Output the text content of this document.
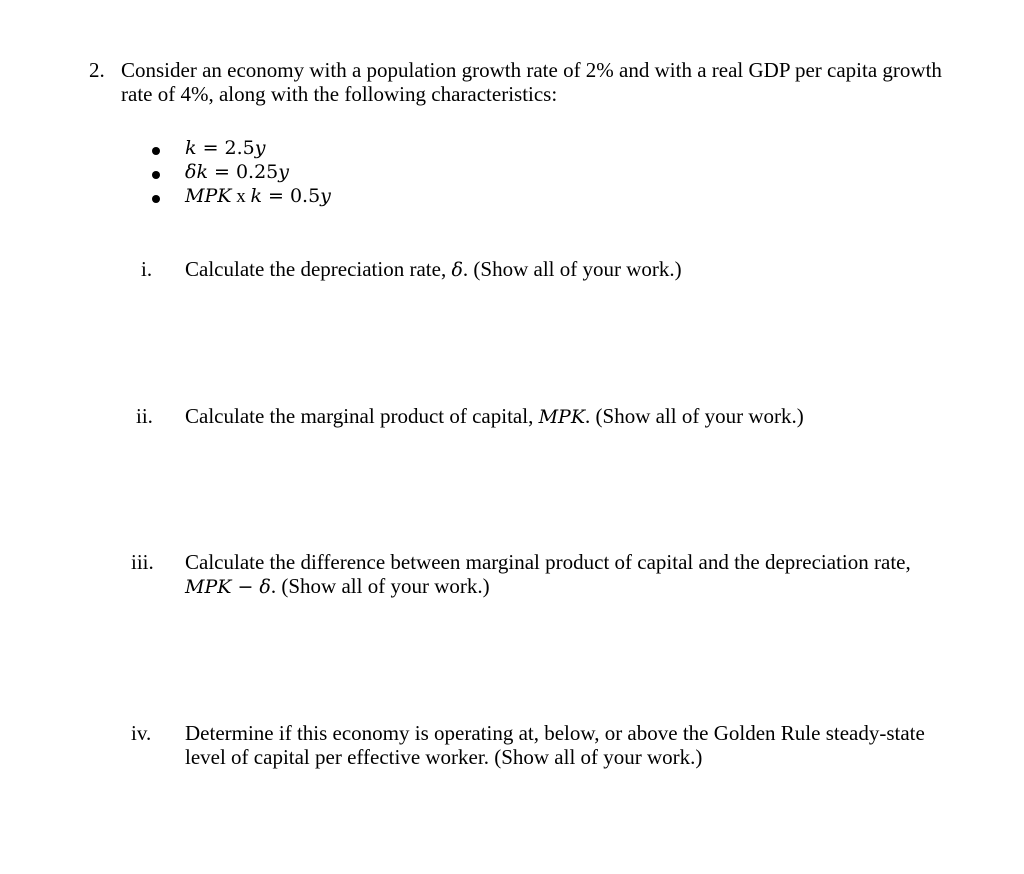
2. Consider an economy with a population growth rate of 2% and with a real GDP per capita growth
rate of 4%, along with the following characteristics:
k = 2.5y
δk = 0.25y
MPK x k = 0.5y
i. Calculate the depreciation rate, δ. (Show all of your work.)
ii. Calculate the marginal product of capital, MPK. (Show all of your work.)
iii. Calculate the difference between marginal product of capital and the depreciation rate,
MPK − δ. (Show all of your work.)
iv. Determine if this economy is operating at, below, or above the Golden Rule steady-state
level of capital per effective worker. (Show all of your work.)
